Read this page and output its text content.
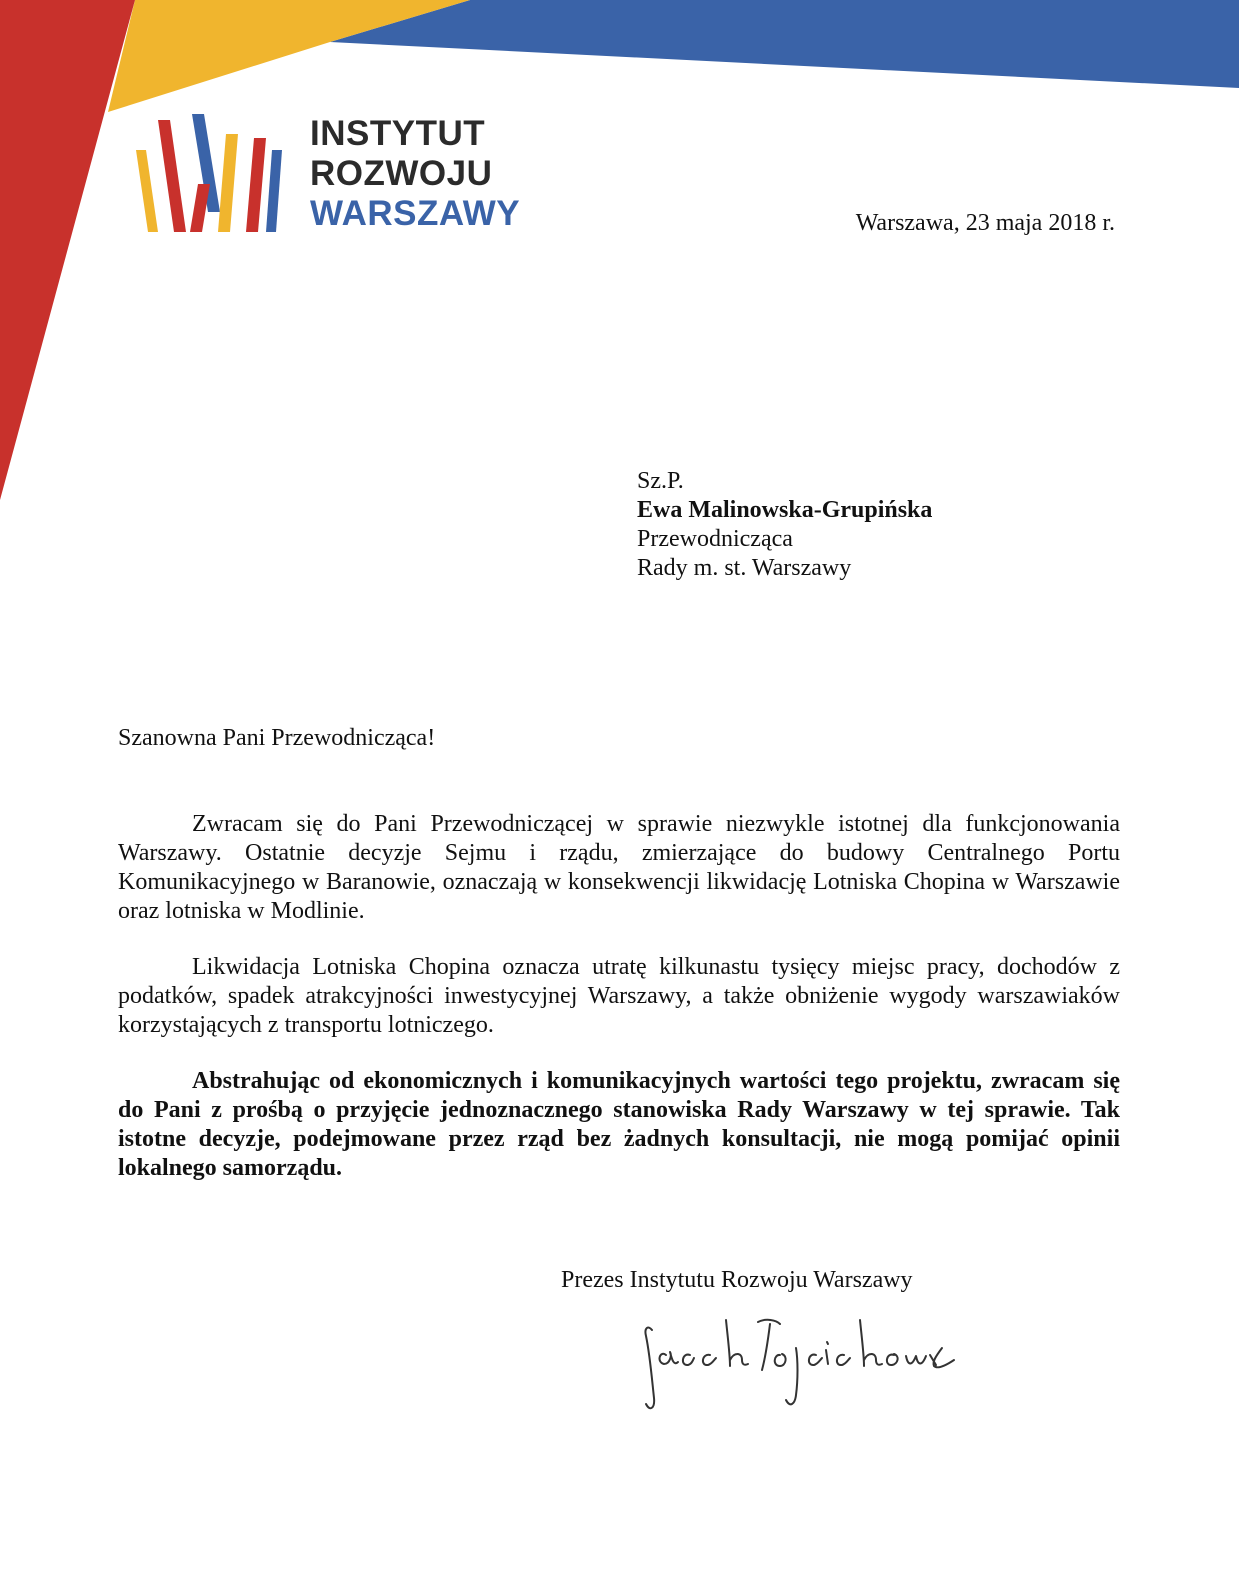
INSTYTUT
ROZWOJU
WARSZAWY	Warszawa, 23 maja 2018 r.
Sz.P.
Ewa Malinowska-Grupińska
Przewodnicząca
Rady m. st. Warszawy
Szanowna Pani Przewodnicząca!

Zwracam się do Pani Przewodniczącej w sprawie niezwykle istotnej dla funkcjonowania Warszawy. Ostatnie decyzje Sejmu i rządu, zmierzające do budowy Centralnego Portu Komunikacyjnego w Baranowie, oznaczają w konsekwencji likwidację Lotniska Chopina w Warszawie oraz lotniska w Modlinie.

Likwidacja Lotniska Chopina oznacza utratę kilkunastu tysięcy miejsc pracy, dochodów z podatków, spadek atrakcyjności inwestycyjnej Warszawy, a także obniżenie wygody warszawiaków korzystających z transportu lotniczego.

Abstrahując od ekonomicznych i komunikacyjnych wartości tego projektu, zwracam się do Pani z prośbą o przyjęcie jednoznacznego stanowiska Rady Warszawy w tej sprawie. Tak istotne decyzje, podejmowane przez rząd bez żadnych konsultacji, nie mogą pomijać opinii lokalnego samorządu.

Prezes Instytutu Rozwoju Warszawy
